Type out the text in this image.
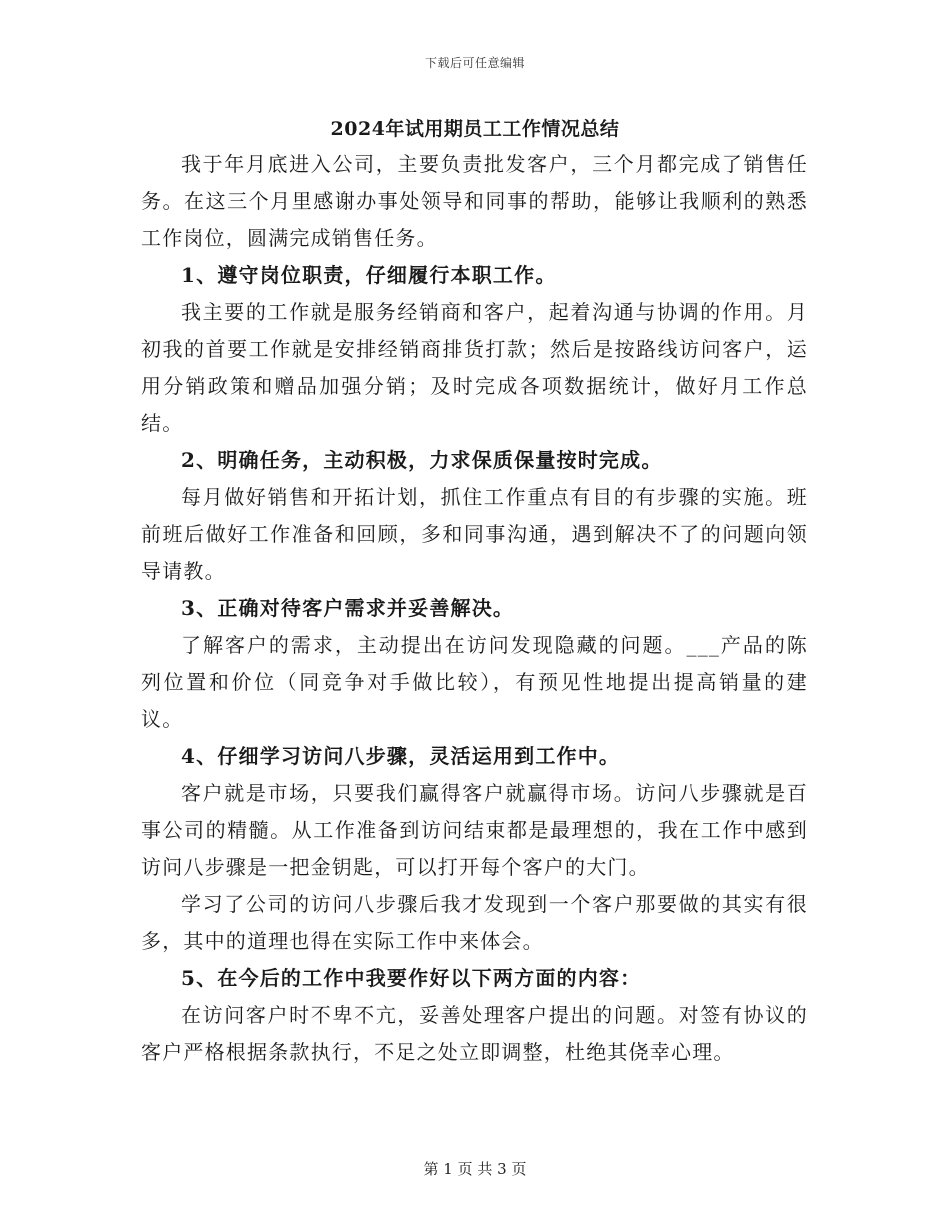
下载后可任意编辑
2024年试用期员工工作情况总结

我于年月底进入公司，主要负责批发客户，三个月都完成了销售任务。在这三个月里感谢办事处领导和同事的帮助，能够让我顺利的熟悉工作岗位，圆满完成销售任务。

1、遵守岗位职责，仔细履行本职工作。

我主要的工作就是服务经销商和客户，起着沟通与协调的作用。月初我的首要工作就是安排经销商排货打款；然后是按路线访问客户，运用分销政策和赠品加强分销；及时完成各项数据统计，做好月工作总结。

2、明确任务，主动积极，力求保质保量按时完成。

每月做好销售和开拓计划，抓住工作重点有目的有步骤的实施。班前班后做好工作准备和回顾，多和同事沟通，遇到解决不了的问题向领导请教。

3、正确对待客户需求并妥善解决。

了解客户的需求，主动提出在访问发现隐藏的问题。___产品的陈列位置和价位（同竞争对手做比较），有预见性地提出提高销量的建议。

4、仔细学习访问八步骤，灵活运用到工作中。

客户就是市场，只要我们赢得客户就赢得市场。访问八步骤就是百事公司的精髓。从工作准备到访问结束都是最理想的，我在工作中感到访问八步骤是一把金钥匙，可以打开每个客户的大门。

学习了公司的访问八步骤后我才发现到一个客户那要做的其实有很多，其中的道理也得在实际工作中来体会。

5、在今后的工作中我要作好以下两方面的内容：

在访问客户时不卑不亢，妥善处理客户提出的问题。对签有协议的客户严格根据条款执行，不足之处立即调整，杜绝其侥幸心理。

第 1 页 共 3 页
